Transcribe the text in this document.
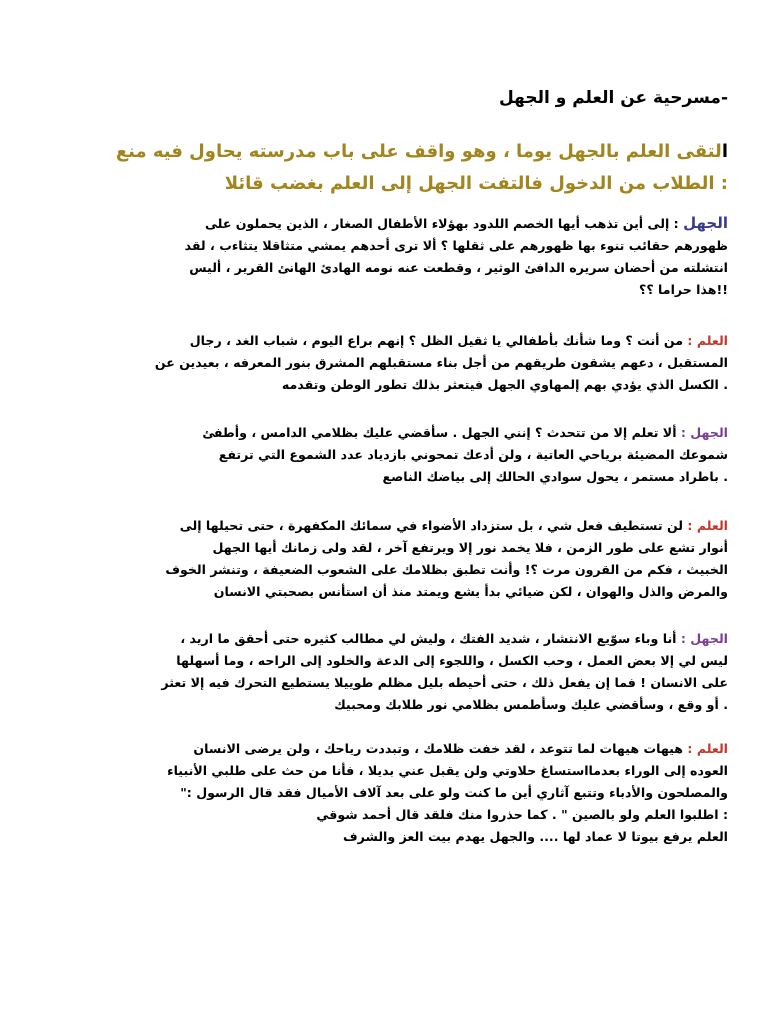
-مسرحية عن العلم و الجهل
التقى العلم بالجهل يوما ، وهو واقف على باب مدرسته يحاول فيه منع
: الطلاب من الدخول فالتفت الجهل إلى العلم بغضب قائلا
الجهل : إلى أين تذهب أيها الخصم اللدود بهؤلاء الأطفال الصغار ، الذين يحملون على
ظهورهم حقائب تنوء بها ظهورهم على ثقلها ؟ ألا ترى أحدهم يمشي متثاقلا يتثاءب ، لقد
انتشلته من أحضان سريره الدافئ الوثير ، وقطعت عنه نومه الهادئ الهانئ القرير ، أليس
!!هذا حراما ؟؟
العلم : من أنت ؟ وما شأنك بأطفالي يا ثقيل الظل ؟ إنهم براع اليوم ، شباب الغد ، رجال
المستقبل ، دعهم يشقون طريقهم من أجل بناء مستقبلهم المشرق بنور المعرفه ، بعيدين عن
. الكسل الذي يؤدي بهم إلمهاوي الجهل فيتعثر بذلك تطور الوطن وتقدمه
الجهل : ألا تعلم إلا من تتحدث ؟ إنني الجهل . سأقضي عليك بظلامي الدامس ، وأطفئ
شموعك المضيئة برياحي العاتية ، ولن أدعك تمحوني بازدياد عدد الشموع التي ترتفع
. باطراد مستمر ، يحول سوادي الحالك إلى بياضك الناصع
العلم : لن تستطيف فعل شي ، بل ستزداد الأضواء في سمائك المكفهرة ، حتى تحيلها إلى
أنوار تشع على طور الزمن ، فلا يخمد نور إلا ويرتفع آخر ، لقد ولى زمانك أيها الجهل
الخبيث ، فكم من القرون مرت ؟! وأنت تطبق بظلامك على الشعوب الضعيفة ، وتنشر الخوف
والمرض والذل والهوان ، لكن ضيائي بدأ يشع ويمتد منذ أن استأنس بصحبتي الانسان
الجهل : أنا وباء سوّيع الانتشار ، شديد الفتك ، وليش لي مطالب كثيره حتى أحقق ما اريد ،
ليس لي إلا بعض العمل ، وحب الكسل ، واللجوء إلى الدعة والخلود إلى الراحه ، وما أسهلها
على الانسان ! فما إن يفعل ذلك ، حتى أحيطه بليل مظلم طوييلا يستطيع التحرك فيه إلا تعثر
. أو وقع ، وسأقضي عليك وسأطمس بظلامي نور طلابك ومحبيك
العلم : هيهات هيهات لما تتوعد ، لقد خفت ظلامك ، وتبددت رياحك ، ولن يرضى الانسان
العوده إلى الوراء بعدمااستساغ حلاوتي ولن يقبل عني بديلا ، فأنا من حث على طلبي الأنبياء
والمصلحون والأدباء وتتبع آثاري أين ما كنت ولو على بعد آلاف الأميال فقد قال الرسول :"
: اطلبوا العلم ولو بالصين " . كما حذروا منك فلقد قال أحمد شوقي
العلم يرفع بيوتا لا عماد لها .... والجهل يهدم بيت العز والشرف
